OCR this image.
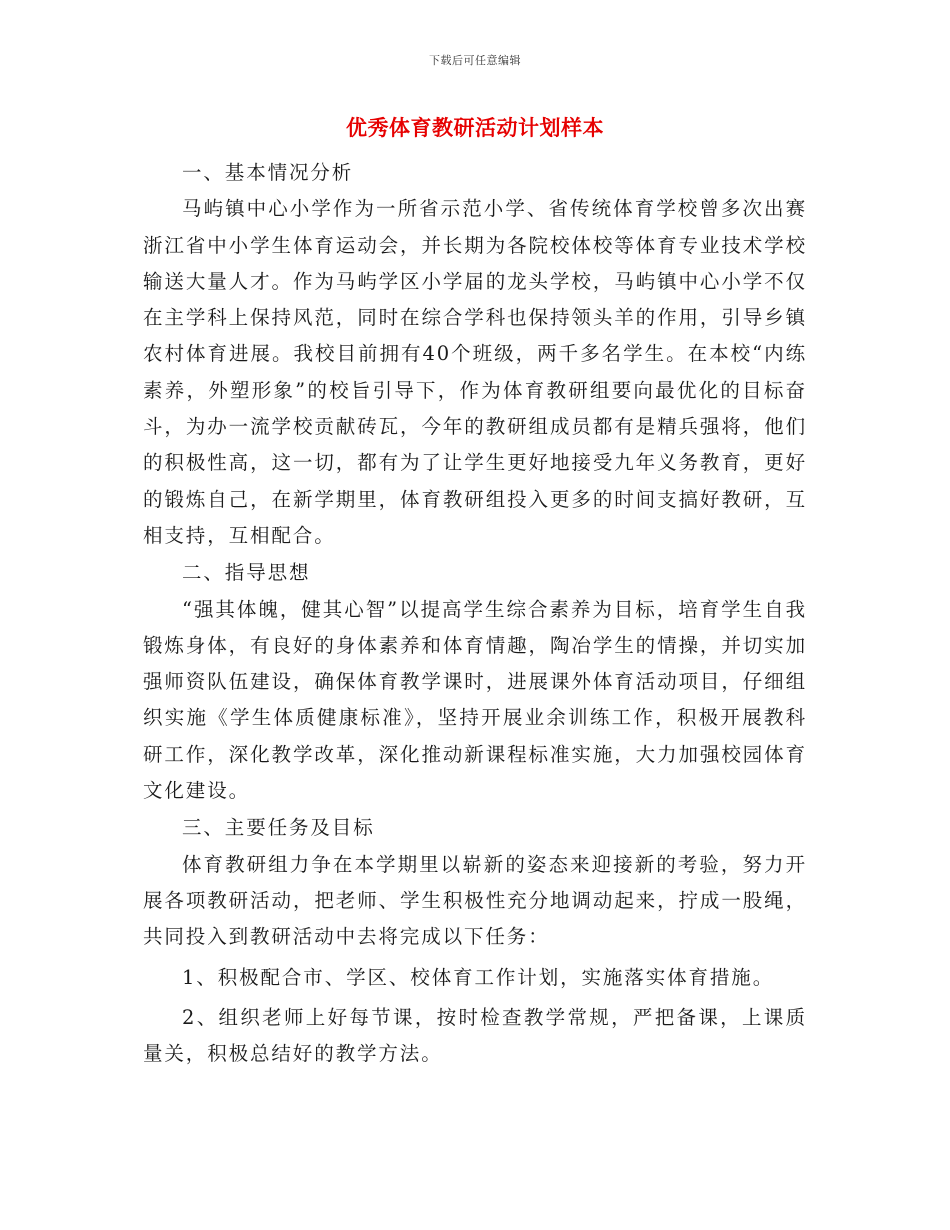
下载后可任意编辑
优秀体育教研活动计划样本

一、基本情况分析

马屿镇中心小学作为一所省示范小学、省传统体育学校曾多次出赛浙江省中小学生体育运动会，并长期为各院校体校等体育专业技术学校输送大量人才。作为马屿学区小学届的龙头学校，马屿镇中心小学不仅在主学科上保持风范，同时在综合学科也保持领头羊的作用，引导乡镇农村体育进展。我校目前拥有40个班级，两千多名学生。在本校“内练素养，外塑形象”的校旨引导下，作为体育教研组要向最优化的目标奋斗，为办一流学校贡献砖瓦，今年的教研组成员都有是精兵强将，他们的积极性高，这一切，都有为了让学生更好地接受九年义务教育，更好的锻炼自己，在新学期里，体育教研组投入更多的时间支搞好教研，互相支持，互相配合。

二、指导思想

“强其体魄，健其心智”以提高学生综合素养为目标，培育学生自我锻炼身体，有良好的身体素养和体育情趣，陶冶学生的情操，并切实加强师资队伍建设，确保体育教学课时，进展课外体育活动项目，仔细组织实施《学生体质健康标准》，坚持开展业余训练工作，积极开展教科研工作，深化教学改革，深化推动新课程标准实施，大力加强校园体育文化建设。

三、主要任务及目标

体育教研组力争在本学期里以崭新的姿态来迎接新的考验，努力开展各项教研活动，把老师、学生积极性充分地调动起来，拧成一股绳，共同投入到教研活动中去将完成以下任务：

1、积极配合市、学区、校体育工作计划，实施落实体育措施。

2、组织老师上好每节课，按时检查教学常规，严把备课，上课质量关，积极总结好的教学方法。
